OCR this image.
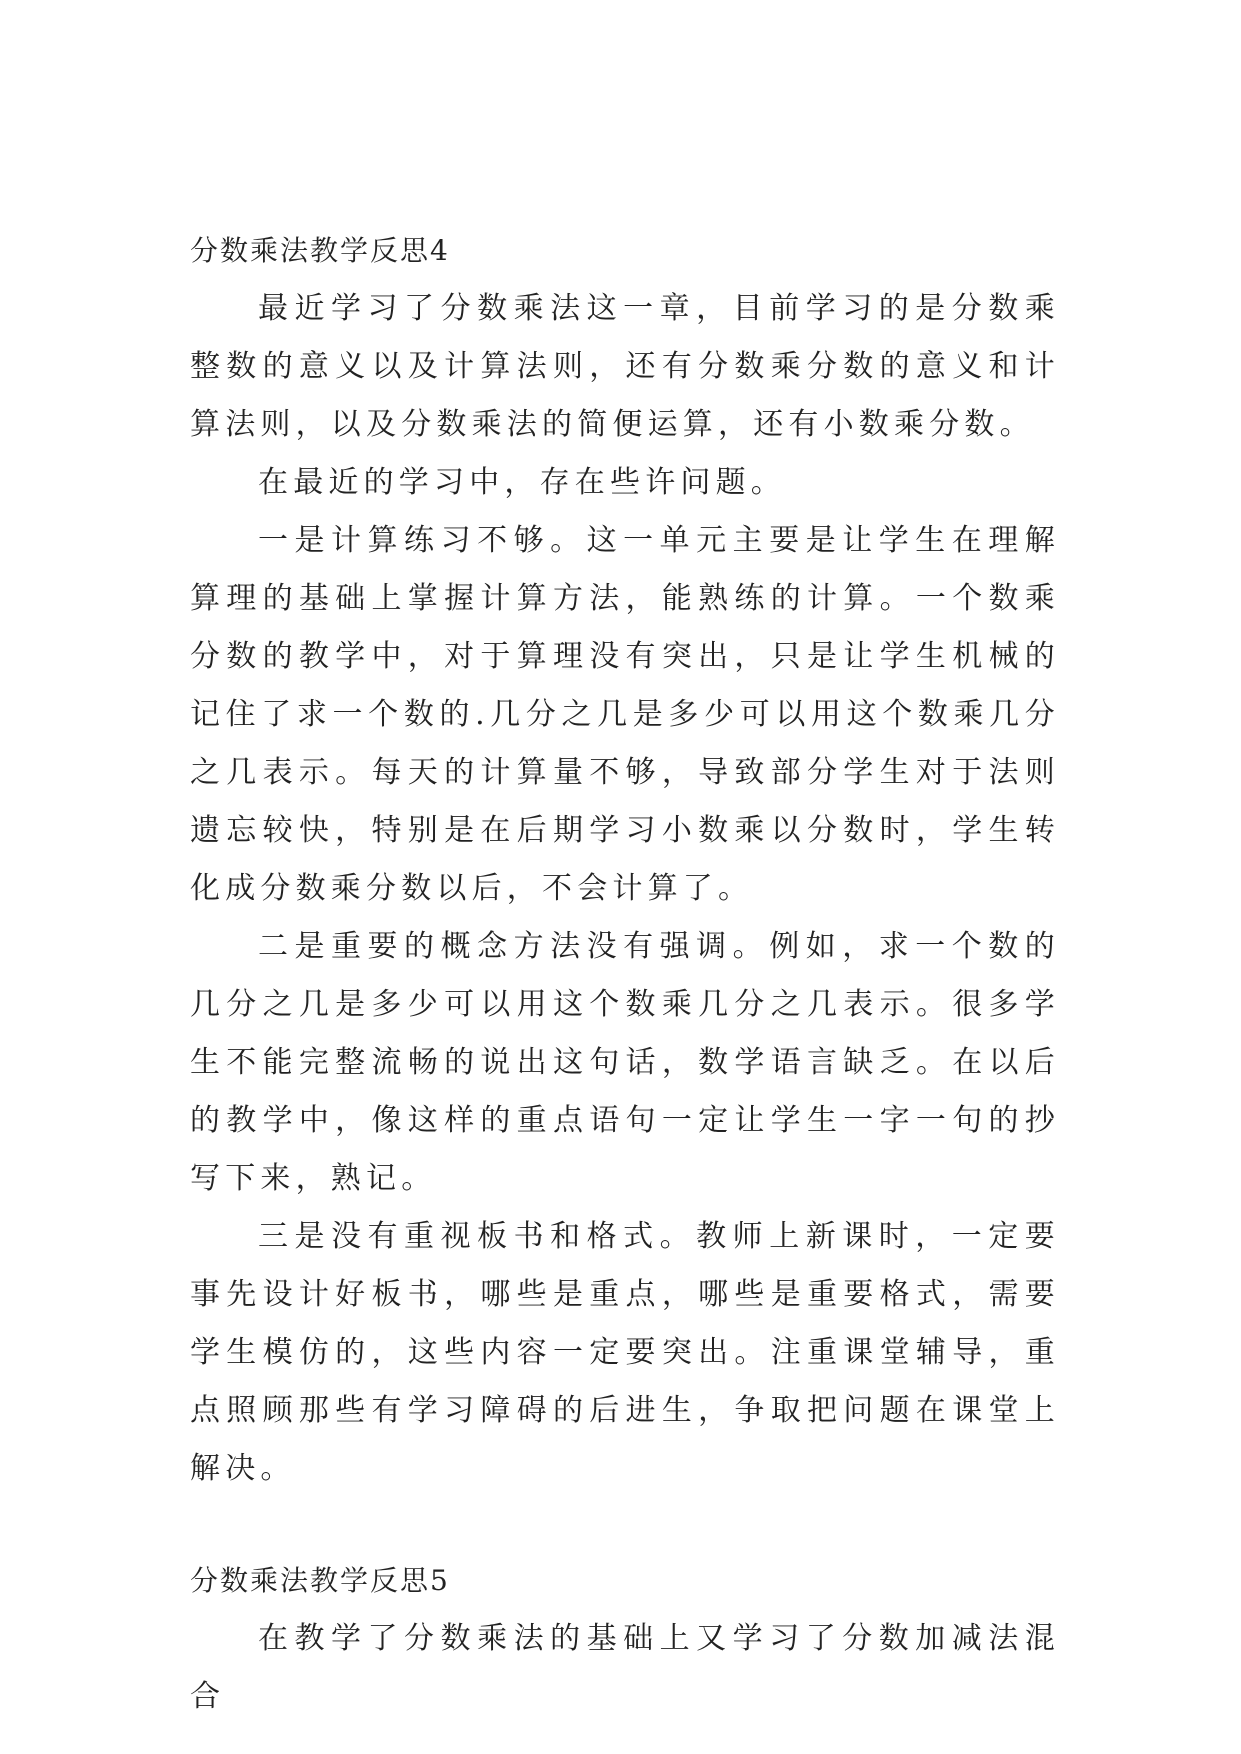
分数乘法教学反思4

最近学习了分数乘法这一章，目前学习的是分数乘整数的意义以及计算法则，还有分数乘分数的意义和计算法则，以及分数乘法的简便运算，还有小数乘分数。

在最近的学习中，存在些许问题。

一是计算练习不够。这一单元主要是让学生在理解算理的基础上掌握计算方法，能熟练的计算。一个数乘分数的教学中，对于算理没有突出，只是让学生机械的记住了求一个数的.几分之几是多少可以用这个数乘几分之几表示。每天的计算量不够，导致部分学生对于法则遗忘较快，特别是在后期学习小数乘以分数时，学生转化成分数乘分数以后，不会计算了。

二是重要的概念方法没有强调。例如，求一个数的几分之几是多少可以用这个数乘几分之几表示。很多学生不能完整流畅的说出这句话，数学语言缺乏。在以后的教学中，像这样的重点语句一定让学生一字一句的抄写下来，熟记。

三是没有重视板书和格式。教师上新课时，一定要事先设计好板书，哪些是重点，哪些是重要格式，需要学生模仿的，这些内容一定要突出。注重课堂辅导，重点照顾那些有学习障碍的后进生，争取把问题在课堂上解决。

分数乘法教学反思5

在教学了分数乘法的基础上又学习了分数加减法混合
